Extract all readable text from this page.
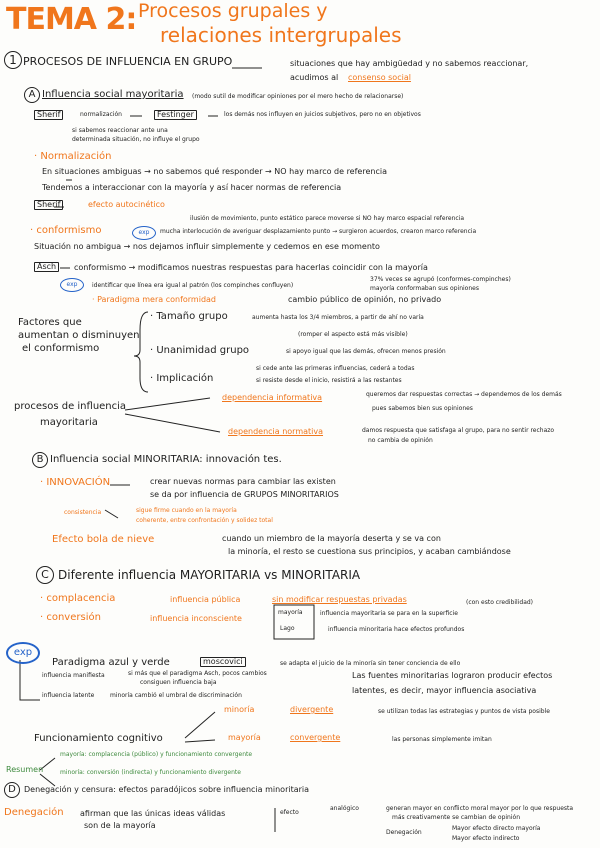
TEMA 2: Procesos grupales y
relaciones intergrupales
1 PROCESOS DE INFLUENCIA EN GRUPO	situaciones que hay ambigüedad y no sabemos reaccionar,
acudimos al consenso social
A Influencia social mayoritaria (modo sutil de modificar opiniones por el mero hecho de relacionarse)
Sherif	normalización	Festinger	los demás nos influyen en juicios subjetivos, pero no en objetivos
si sabemos reaccionar ante una
determinada situación, no influye el grupo
· Normalización
En situaciones ambiguas → no sabemos qué responder → NO hay marco de referencia
Tendemos a interaccionar con la mayoría y así hacer normas de referencia
Sherif	efecto autocinético
ilusión de movimiento, punto estático parece moverse si NO hay marco espacial referencia
· conformismo	exp	mucha interlocución de averiguar desplazamiento punto → surgieron acuerdos, crearon marco referencia
Situación no ambigua → nos dejamos influir simplemente y cedemos en ese momento
Asch	conformismo → modificamos nuestras respuestas para hacerlas coincidir con la mayoría
exp	identificar que línea era igual al patrón (los compinches confluyen)
37% veces se agrupó (conformes-compinches)
mayoría conformaban sus opiniones
· Paradigma mera conformidad	cambio público de opinión, no privado
Factores que
aumentan o disminuyen
el conformismo
· Tamaño grupo	aumenta hasta los 3/4 miembros, a partir de ahí no varía
(romper el aspecto está más visible)
· Unanimidad grupo	si apoyo igual que las demás, ofrecen menos presión
· Implicación
si cede ante las primeras influencias, cederá a todas
si resiste desde el inicio, resistirá a las restantes
procesos de influencia
mayoritaria
dependencia informativa	queremos dar respuestas correctas → dependemos de los demás
pues sabemos bien sus opiniones
dependencia normativa	damos respuesta que satisfaga al grupo, para no sentir rechazo
no cambia de opinión
B Influencia social MINORITARIA: innovación tes.
· INNOVACIÓN	crear nuevas normas para cambiar las existen
se da por influencia de GRUPOS MINORITARIOS
consistencia	sigue firme cuando en la mayoría
coherente, entre confrontación y solidez total
Efecto bola de nieve	cuando un miembro de la mayoría deserta y se va con
la minoría, el resto se cuestiona sus principios, y acaban cambiándose
C Diferente influencia MAYORITARIA vs MINORITARIA
· complacencia	influencia pública	sin modificar respuestas privadas	(con esto credibilidad)
· conversión	influencia inconsciente
mayoría
Lago
influencia mayoritaria se para en la superficie
influencia minoritaria hace efectos profundos
exp
Paradigma azul y verde	moscovici	se adapta el juicio de la minoría sin tener conciencia de ello
influencia manifiesta	si más que el paradigma Asch, pocos cambios
consiguen influencia baja
influencia latente	minoría cambió el umbral de discriminación
Las fuentes minoritarias lograron producir efectos
latentes, es decir, mayor influencia asociativa
Funcionamiento cognitivo
minoría	divergente	se utilizan todas las estrategias y puntos de vista posible
mayoría	convergente	las personas simplemente imitan
Resumen
mayoría: complacencia (público) y funcionamiento convergente
minoría: conversión (indirecta) y funcionamiento divergente
D	Denegación y censura: efectos paradójicos sobre influencia minoritaria
Denegación afirman que las únicas ideas válidas
son de la mayoría
efecto
analógico	generan mayor en conflicto moral mayor por lo que respuesta
más creativamente se cambian de opinión
Denegación
Mayor efecto directo mayoría
Mayor efecto indirecto
